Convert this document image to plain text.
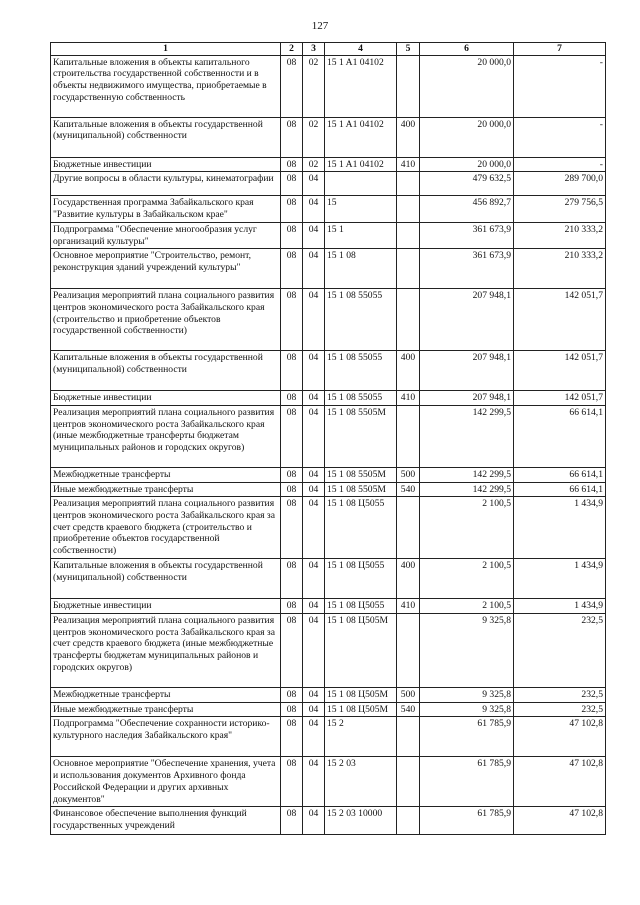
127
1	2	3	4	5	6	7
Капитальные вложения в объекты капитального строительства государственной собственности и в объекты недвижимого имущества, приобретаемые в государственную собственность	08	02	15 1 A1 04102		20 000,0	-
Капитальные вложения в объекты государственной (муниципальной) собственности	08	02	15 1 A1 04102	400	20 000,0	-
Бюджетные инвестиции	08	02	15 1 A1 04102	410	20 000,0	-
Другие вопросы в области культуры, кинематографии	08	04			479 632,5	289 700,0
Государственная программа Забайкальского края "Развитие культуры в Забайкальском крае"	08	04	15		456 892,7	279 756,5
Подпрограмма "Обеспечение многообразия услуг организаций культуры"	08	04	15 1		361 673,9	210 333,2
Основное мероприятие "Строительство, ремонт, реконструкция зданий учреждений культуры"	08	04	15 1 08		361 673,9	210 333,2
Реализация мероприятий плана социального развития центров экономического роста Забайкальского края (строительство и приобретение объектов государственной собственности)	08	04	15 1 08 55055		207 948,1	142 051,7
Капитальные вложения в объекты государственной (муниципальной) собственности	08	04	15 1 08 55055	400	207 948,1	142 051,7
Бюджетные инвестиции	08	04	15 1 08 55055	410	207 948,1	142 051,7
Реализация мероприятий плана социального развития центров экономического роста Забайкальского края (иные межбюджетные трансферты бюджетам муниципальных районов и городских округов)	08	04	15 1 08 5505M		142 299,5	66 614,1
Межбюджетные трансферты	08	04	15 1 08 5505M	500	142 299,5	66 614,1
Иные межбюджетные трансферты	08	04	15 1 08 5505M	540	142 299,5	66 614,1
Реализация мероприятий плана социального развития центров экономического роста Забайкальского края за счет средств краевого бюджета (строительство и приобретение объектов государственной собственности)	08	04	15 1 08 Ц5055		2 100,5	1 434,9
Капитальные вложения в объекты государственной (муниципальной) собственности	08	04	15 1 08 Ц5055	400	2 100,5	1 434,9
Бюджетные инвестиции	08	04	15 1 08 Ц5055	410	2 100,5	1 434,9
Реализация мероприятий плана социального развития центров экономического роста Забайкальского края за счет средств краевого бюджета (иные межбюджетные трансферты бюджетам муниципальных районов и городских округов)	08	04	15 1 08 Ц505M		9 325,8	232,5
Межбюджетные трансферты	08	04	15 1 08 Ц505M	500	9 325,8	232,5
Иные межбюджетные трансферты	08	04	15 1 08 Ц505M	540	9 325,8	232,5
Подпрограмма "Обеспечение сохранности историко-культурного наследия Забайкальского края"	08	04	15 2		61 785,9	47 102,8
Основное мероприятие "Обеспечение хранения, учета и использования документов Архивного фонда Российской Федерации и других архивных документов"	08	04	15 2 03		61 785,9	47 102,8
Финансовое обеспечение выполнения функций государственных учреждений	08	04	15 2 03 10000		61 785,9	47 102,8
